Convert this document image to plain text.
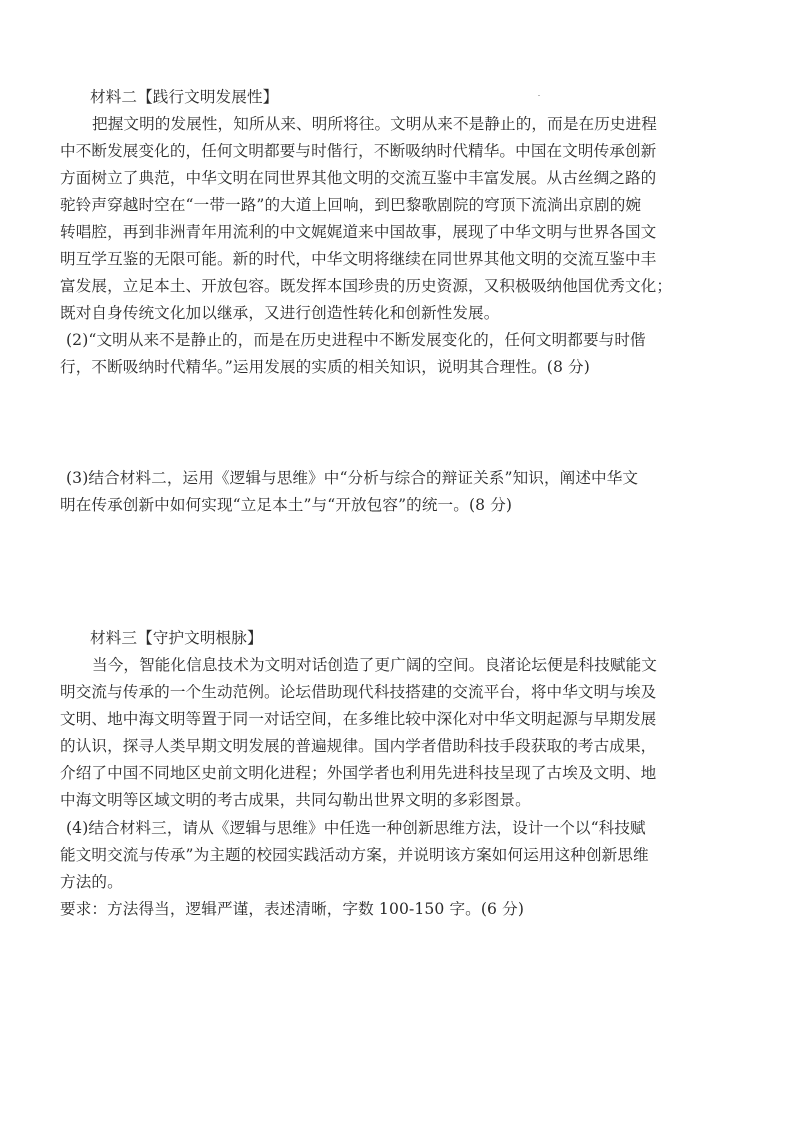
材料二【践行文明发展性】
把握文明的发展性，知所从来、明所将往。文明从来不是静止的，而是在历史进程
中不断发展变化的，任何文明都要与时偕行，不断吸纳时代精华。中国在文明传承创新
方面树立了典范，中华文明在同世界其他文明的交流互鉴中丰富发展。从古丝绸之路的
驼铃声穿越时空在“一带一路”的大道上回响，到巴黎歌剧院的穹顶下流淌出京剧的婉
转唱腔，再到非洲青年用流利的中文娓娓道来中国故事，展现了中华文明与世界各国文
明互学互鉴的无限可能。新的时代，中华文明将继续在同世界其他文明的交流互鉴中丰
富发展，立足本土、开放包容。既发挥本国珍贵的历史资源，又积极吸纳他国优秀文化；
既对自身传统文化加以继承，又进行创造性转化和创新性发展。
(2)“文明从来不是静止的，而是在历史进程中不断发展变化的，任何文明都要与时偕
行，不断吸纳时代精华。”运用发展的实质的相关知识，说明其合理性。(8 分)
(3)结合材料二，运用《逻辑与思维》中“分析与综合的辩证关系”知识，阐述中华文
明在传承创新中如何实现“立足本土”与“开放包容”的统一。(8 分)
材料三【守护文明根脉】
当今，智能化信息技术为文明对话创造了更广阔的空间。良渚论坛便是科技赋能文
明交流与传承的一个生动范例。论坛借助现代科技搭建的交流平台，将中华文明与埃及
文明、地中海文明等置于同一对话空间，在多维比较中深化对中华文明起源与早期发展
的认识，探寻人类早期文明发展的普遍规律。国内学者借助科技手段获取的考古成果，
介绍了中国不同地区史前文明化进程；外国学者也利用先进科技呈现了古埃及文明、地
中海文明等区域文明的考古成果，共同勾勒出世界文明的多彩图景。
(4)结合材料三，请从《逻辑与思维》中任选一种创新思维方法，设计一个以“科技赋
能文明交流与传承”为主题的校园实践活动方案，并说明该方案如何运用这种创新思维
方法的。
要求：方法得当，逻辑严谨，表述清晰，字数 100-150 字。(6 分)
